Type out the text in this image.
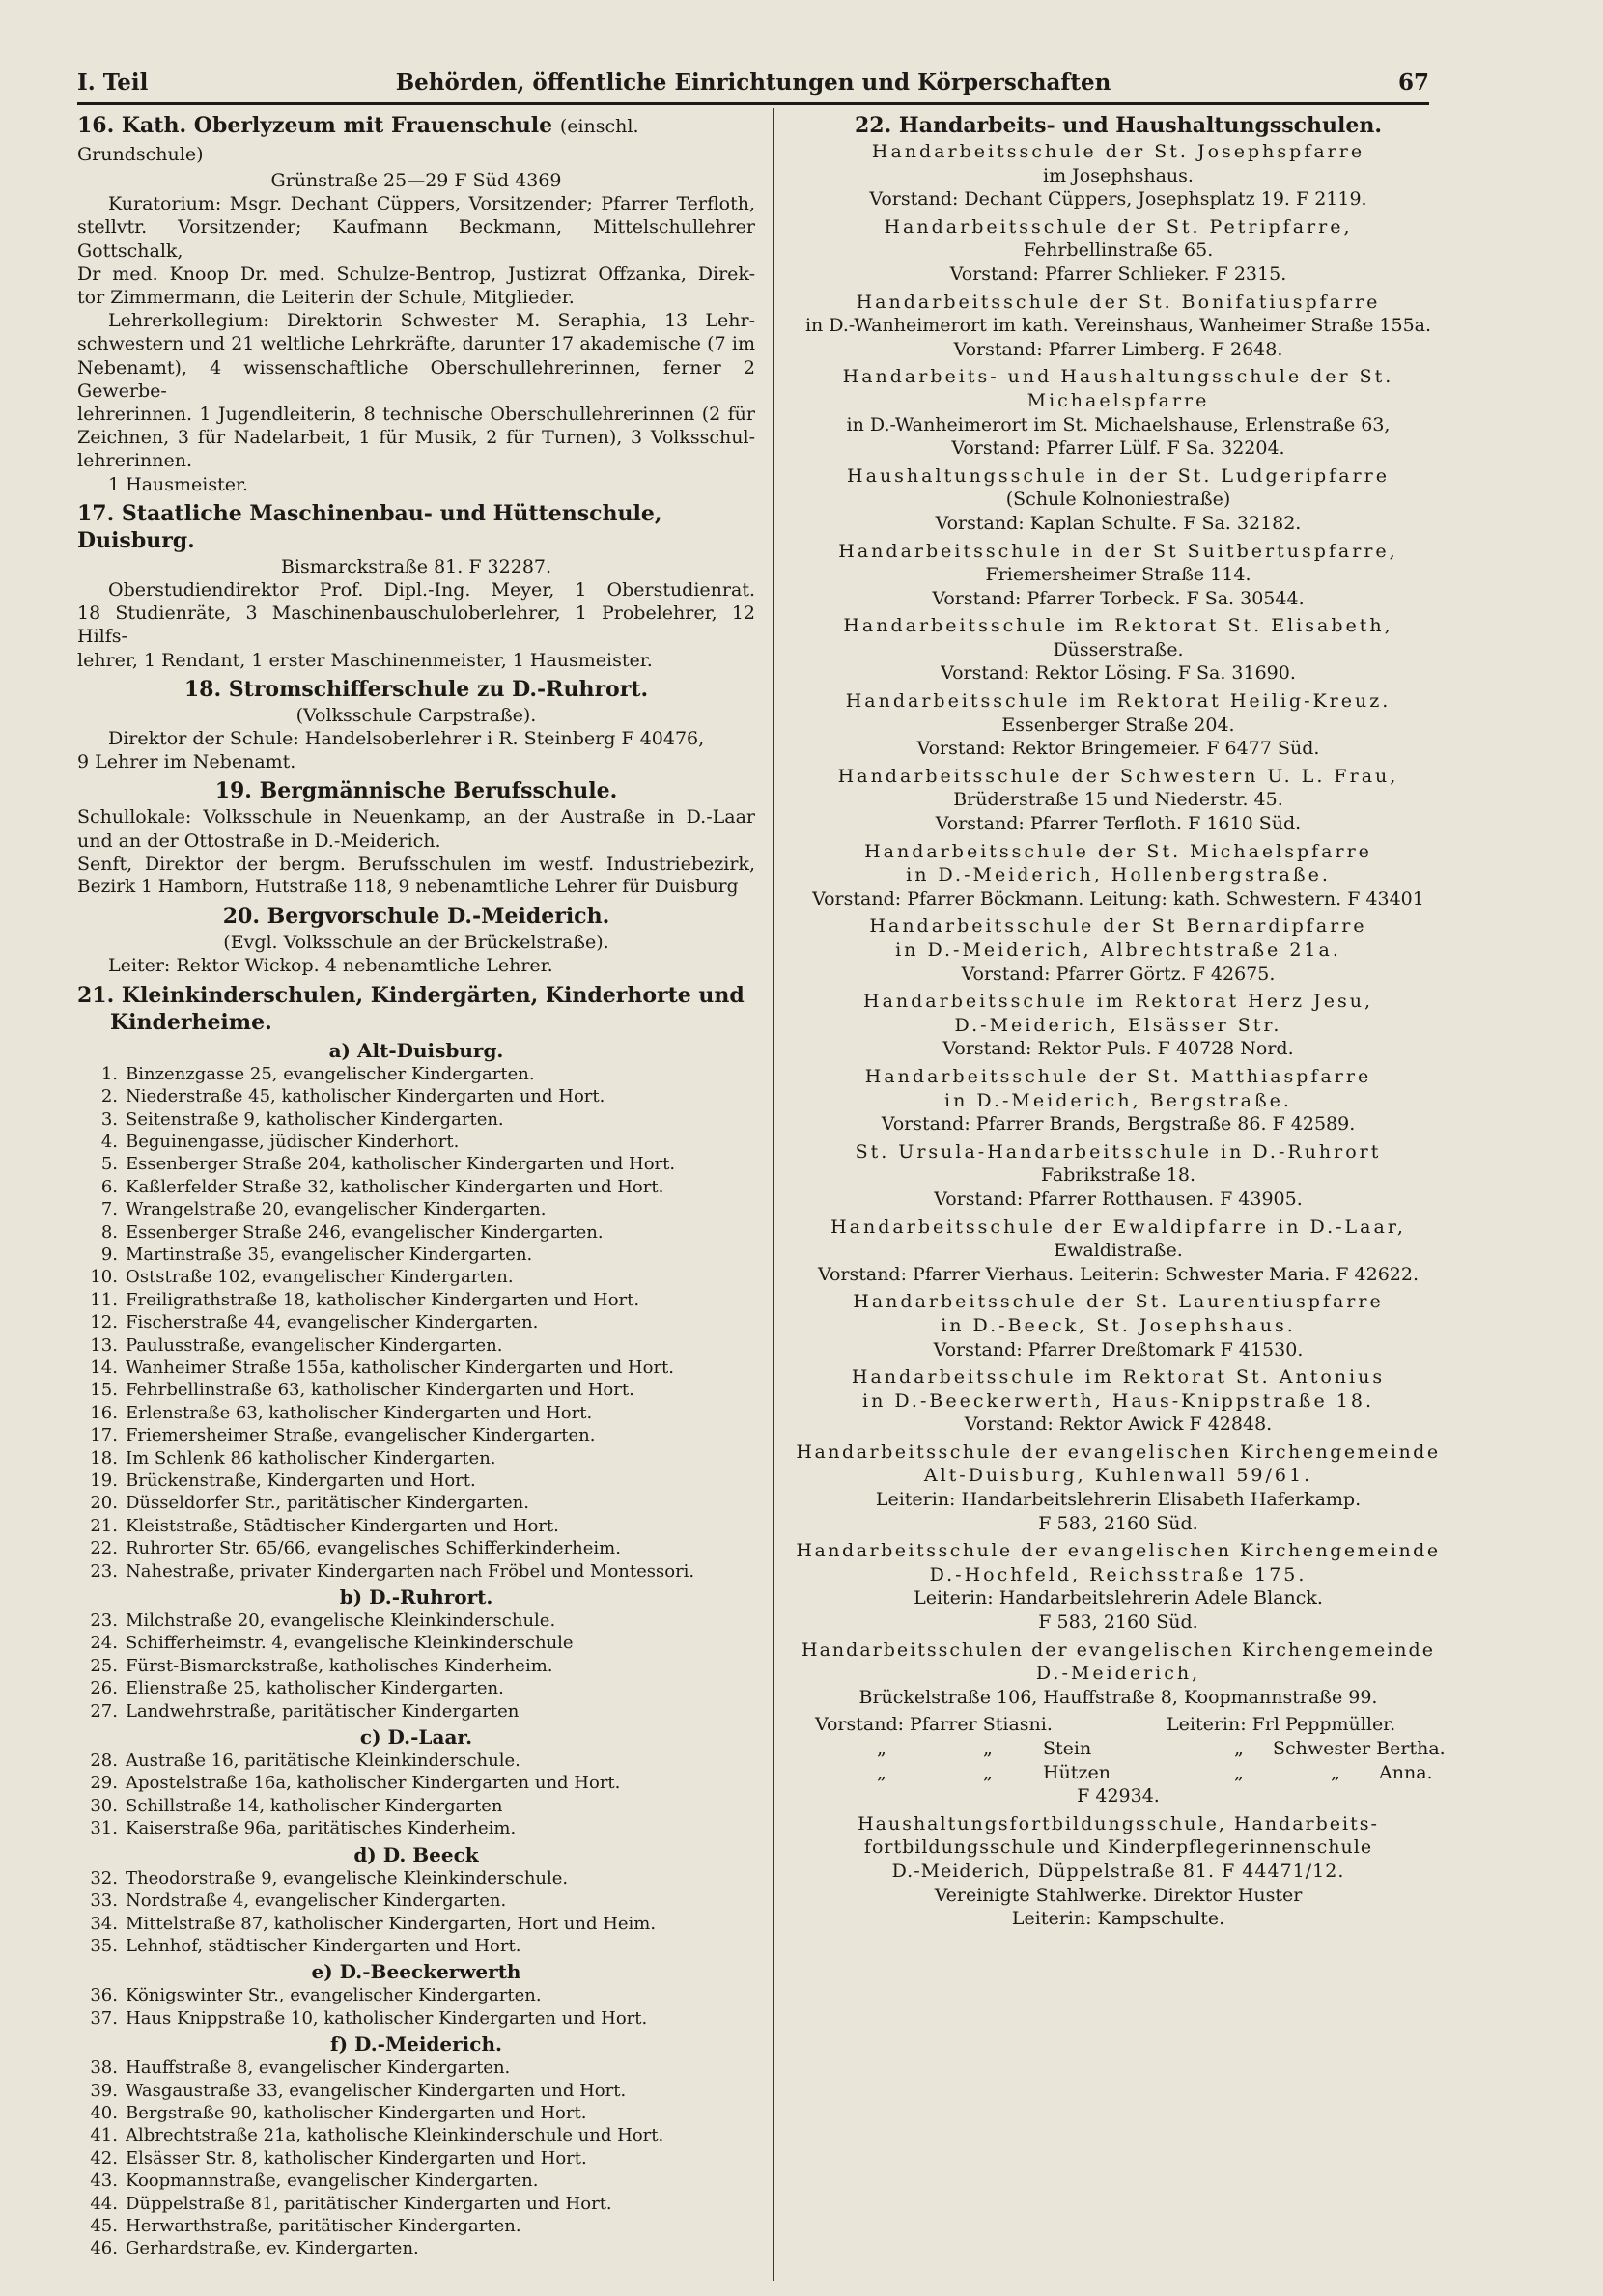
I. Teil	Behörden, öffentliche Einrichtungen und Körperschaften	67
16. Kath. Oberlyzeum mit Frauenschule (einschl. Grundschule)
Grünstraße 25—29 F Süd 4369
Kuratorium: Msgr. Dechant Cüppers, Vorsitzender; Pfarrer Terfloth,
stellvtr. Vorsitzender; Kaufmann Beckmann, Mittelschullehrer Gottschalk,
Dr med. Knoop Dr. med. Schulze-Bentrop, Justizrat Offzanka, Direk-
tor Zimmermann, die Leiterin der Schule, Mitglieder.
Lehrerkollegium: Direktorin Schwester M. Seraphia, 13 Lehr-
schwestern und 21 weltliche Lehrkräfte, darunter 17 akademische (7 im
Nebenamt), 4 wissenschaftliche Oberschullehrerinnen, ferner 2 Gewerbe-
lehrerinnen. 1 Jugendleiterin, 8 technische Oberschullehrerinnen (2 für
Zeichnen, 3 für Nadelarbeit, 1 für Musik, 2 für Turnen), 3 Volksschul-
lehrerinnen.
1 Hausmeister.
17. Staatliche Maschinenbau- und Hüttenschule, Duisburg.
Bismarckstraße 81. F 32287.
Oberstudiendirektor Prof. Dipl.-Ing. Meyer, 1 Oberstudienrat.
18 Studienräte, 3 Maschinenbauschuloberlehrer, 1 Probelehrer, 12 Hilfs-
lehrer, 1 Rendant, 1 erster Maschinenmeister, 1 Hausmeister.
18. Stromschifferschule zu D.-Ruhrort.
(Volksschule Carpstraße).
Direktor der Schule: Handelsoberlehrer i R. Steinberg F 40476,
9 Lehrer im Nebenamt.
19. Bergmännische Berufsschule.
Schullokale: Volksschule in Neuenkamp, an der Austraße in D.-Laar
und an der Ottostraße in D.-Meiderich.
Senft, Direktor der bergm. Berufsschulen im westf. Industriebezirk,
Bezirk 1 Hamborn, Hutstraße 118, 9 nebenamtliche Lehrer für Duisburg
20. Bergvorschule D.-Meiderich.
(Evgl. Volksschule an der Brückelstraße).
Leiter: Rektor Wickop. 4 nebenamtliche Lehrer.
21. Kleinkinderschulen, Kindergärten, Kinderhorte und
Kinderheime.
a) Alt-Duisburg.
1. Binzenzgasse 25, evangelischer Kindergarten.
2. Niederstraße 45, katholischer Kindergarten und Hort.
3. Seitenstraße 9, katholischer Kindergarten.
4. Beguinengasse, jüdischer Kinderhort.
5. Essenberger Straße 204, katholischer Kindergarten und Hort.
6. Kaßlerfelder Straße 32, katholischer Kindergarten und Hort.
7. Wrangelstraße 20, evangelischer Kindergarten.
8. Essenberger Straße 246, evangelischer Kindergarten.
9. Martinstraße 35, evangelischer Kindergarten.
10. Oststraße 102, evangelischer Kindergarten.
11. Freiligrathstraße 18, katholischer Kindergarten und Hort.
12. Fischerstraße 44, evangelischer Kindergarten.
13. Paulusstraße, evangelischer Kindergarten.
14. Wanheimer Straße 155a, katholischer Kindergarten und Hort.
15. Fehrbellinstraße 63, katholischer Kindergarten und Hort.
16. Erlenstraße 63, katholischer Kindergarten und Hort.
17. Friemersheimer Straße, evangelischer Kindergarten.
18. Im Schlenk 86 katholischer Kindergarten.
19. Brückenstraße, Kindergarten und Hort.
20. Düsseldorfer Str., paritätischer Kindergarten.
21. Kleiststraße, Städtischer Kindergarten und Hort.
22. Ruhrorter Str. 65/66, evangelisches Schifferkinderheim.
23. Nahestraße, privater Kindergarten nach Fröbel und Montessori.
b) D.-Ruhrort.
23. Milchstraße 20, evangelische Kleinkinderschule.
24. Schifferheimstr. 4, evangelische Kleinkinderschule
25. Fürst-Bismarckstraße, katholisches Kinderheim.
26. Elienstraße 25, katholischer Kindergarten.
27. Landwehrstraße, paritätischer Kindergarten
c) D.-Laar.
28. Austraße 16, paritätische Kleinkinderschule.
29. Apostelstraße 16a, katholischer Kindergarten und Hort.
30. Schillstraße 14, katholischer Kindergarten
31. Kaiserstraße 96a, paritätisches Kinderheim.
d) D. Beeck
32. Theodorstraße 9, evangelische Kleinkinderschule.
33. Nordstraße 4, evangelischer Kindergarten.
34. Mittelstraße 87, katholischer Kindergarten, Hort und Heim.
35. Lehnhof, städtischer Kindergarten und Hort.
e) D.-Beeckerwerth
36. Königswinter Str., evangelischer Kindergarten.
37. Haus Knippstraße 10, katholischer Kindergarten und Hort.
f) D.-Meiderich.
38. Hauffstraße 8, evangelischer Kindergarten.
39. Wasgaustraße 33, evangelischer Kindergarten und Hort.
40. Bergstraße 90, katholischer Kindergarten und Hort.
41. Albrechtstraße 21a, katholische Kleinkinderschule und Hort.
42. Elsässer Str. 8, katholischer Kindergarten und Hort.
43. Koopmannstraße, evangelischer Kindergarten.
44. Düppelstraße 81, paritätischer Kindergarten und Hort.
45. Herwarthstraße, paritätischer Kindergarten.
46. Gerhardstraße, ev. Kindergarten.
22. Handarbeits- und Haushaltungsschulen.
Handarbeitsschule der St. Josephspfarre
im Josephshaus.
Vorstand: Dechant Cüppers, Josephsplatz 19. F 2119.
Handarbeitsschule der St. Petripfarre,
Fehrbellinstraße 65.
Vorstand: Pfarrer Schlieker. F 2315.
Handarbeitsschule der St. Bonifatiuspfarre
in D.-Wanheimerort im kath. Vereinshaus, Wanheimer Straße 155a.
Vorstand: Pfarrer Limberg. F 2648.
Handarbeits- und Haushaltungsschule der St.
Michaelspfarre
in D.-Wanheimerort im St. Michaelshause, Erlenstraße 63,
Vorstand: Pfarrer Lülf. F Sa. 32204.
Haushaltungsschule in der St. Ludgeripfarre
(Schule Kolnoniestraße)
Vorstand: Kaplan Schulte. F Sa. 32182.
Handarbeitsschule in der St Suitbertuspfarre,
Friemersheimer Straße 114.
Vorstand: Pfarrer Torbeck. F Sa. 30544.
Handarbeitsschule im Rektorat St. Elisabeth,
Düsserstraße.
Vorstand: Rektor Lösing. F Sa. 31690.
Handarbeitsschule im Rektorat Heilig-Kreuz.
Essenberger Straße 204.
Vorstand: Rektor Bringemeier. F 6477 Süd.
Handarbeitsschule der Schwestern U. L. Frau,
Brüderstraße 15 und Niederstr. 45.
Vorstand: Pfarrer Terfloth. F 1610 Süd.
Handarbeitsschule der St. Michaelspfarre
in D.-Meiderich, Hollenbergstraße.
Vorstand: Pfarrer Böckmann. Leitung: kath. Schwestern. F 43401
Handarbeitsschule der St Bernardipfarre
in D.-Meiderich, Albrechtstraße 21a.
Vorstand: Pfarrer Görtz. F 42675.
Handarbeitsschule im Rektorat Herz Jesu,
D.-Meiderich, Elsässer Str.
Vorstand: Rektor Puls. F 40728 Nord.
Handarbeitsschule der St. Matthiaspfarre
in D.-Meiderich, Bergstraße.
Vorstand: Pfarrer Brands, Bergstraße 86. F 42589.
St. Ursula-Handarbeitsschule in D.-Ruhrort
Fabrikstraße 18.
Vorstand: Pfarrer Rotthausen. F 43905.
Handarbeitsschule der Ewaldipfarre in D.-Laar,
Ewaldistraße.
Vorstand: Pfarrer Vierhaus. Leiterin: Schwester Maria. F 42622.
Handarbeitsschule der St. Laurentiuspfarre
in D.-Beeck, St. Josephshaus.
Vorstand: Pfarrer Dreßtomark F 41530.
Handarbeitsschule im Rektorat St. Antonius
in D.-Beeckerwerth, Haus-Knippstraße 18.
Vorstand: Rektor Awick F 42848.
Handarbeitsschule der evangelischen Kirchengemeinde
Alt-Duisburg, Kuhlenwall 59/61.
Leiterin: Handarbeitslehrerin Elisabeth Haferkamp.
F 583, 2160 Süd.
Handarbeitsschule der evangelischen Kirchengemeinde
D.-Hochfeld, Reichsstraße 175.
Leiterin: Handarbeitslehrerin Adele Blanck.
F 583, 2160 Süd.
Handarbeitsschulen der evangelischen Kirchengemeinde
D.-Meiderich,
Brückelstraße 106, Hauffstraße 8, Koopmannstraße 99.
Vorstand: Pfarrer Stiasni.	Leiterin: Frl Peppmüller.
„	„	Stein	„ Schwester Bertha.
„	„	Hützen	„	„ Anna.
F 42934.
Haushaltungsfortbildungsschule, Handarbeits-
fortbildungsschule und Kinderpflegerinnenschule
D.-Meiderich, Düppelstraße 81. F 44471/12.
Vereinigte Stahlwerke. Direktor Huster
Leiterin: Kampschulte.
